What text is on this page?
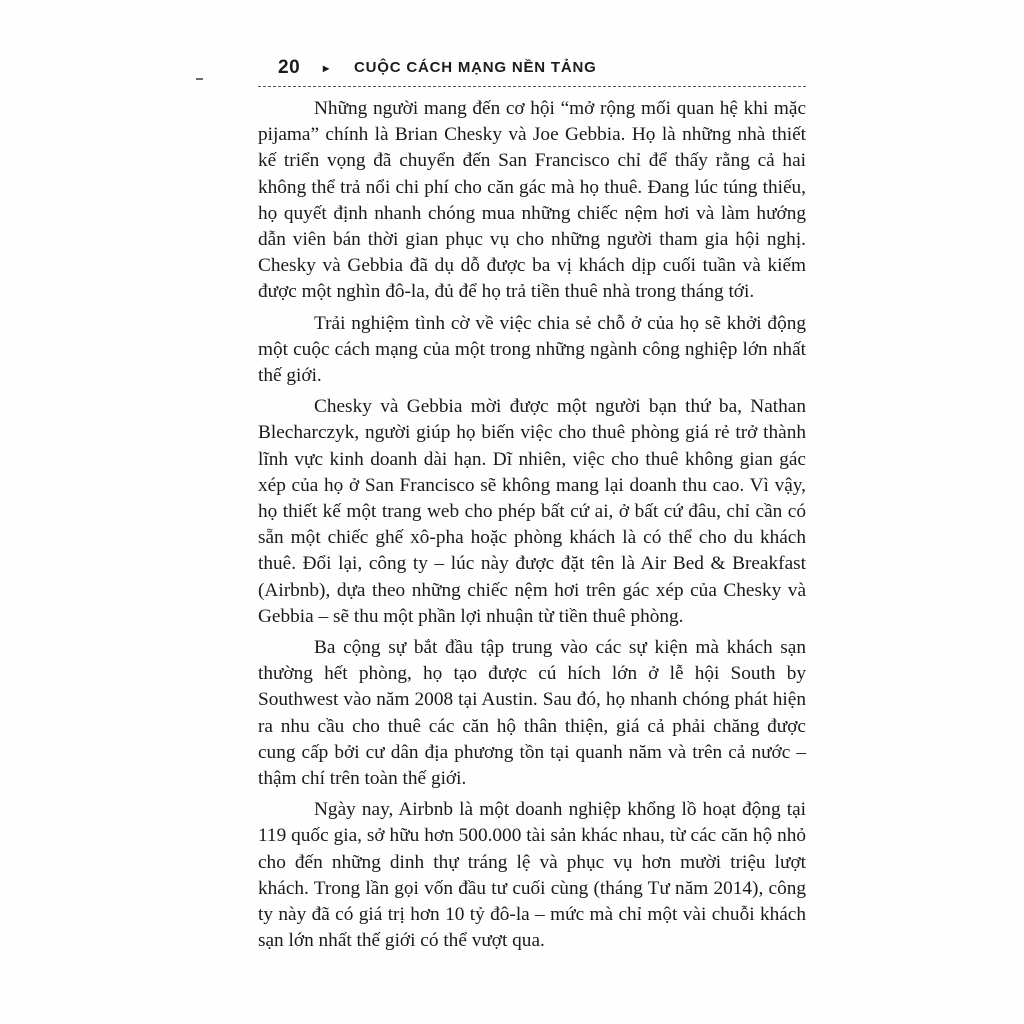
20 ▸ CUỘC CÁCH MẠNG NỀN TẢNG

Những người mang đến cơ hội “mở rộng mối quan hệ khi mặc pijama” chính là Brian Chesky và Joe Gebbia. Họ là những nhà thiết kế triển vọng đã chuyển đến San Francisco chỉ để thấy rằng cả hai không thể trả nổi chi phí cho căn gác mà họ thuê. Đang lúc túng thiếu, họ quyết định nhanh chóng mua những chiếc nệm hơi và làm hướng dẫn viên bán thời gian phục vụ cho những người tham gia hội nghị. Chesky và Gebbia đã dụ dỗ được ba vị khách dịp cuối tuần và kiếm được một nghìn đô-la, đủ để họ trả tiền thuê nhà trong tháng tới.

Trải nghiệm tình cờ về việc chia sẻ chỗ ở của họ sẽ khởi động một cuộc cách mạng của một trong những ngành công nghiệp lớn nhất thế giới.

Chesky và Gebbia mời được một người bạn thứ ba, Nathan Blecharczyk, người giúp họ biến việc cho thuê phòng giá rẻ trở thành lĩnh vực kinh doanh dài hạn. Dĩ nhiên, việc cho thuê không gian gác xép của họ ở San Francisco sẽ không mang lại doanh thu cao. Vì vậy, họ thiết kế một trang web cho phép bất cứ ai, ở bất cứ đâu, chỉ cần có sẵn một chiếc ghế xô-pha hoặc phòng khách là có thể cho du khách thuê. Đổi lại, công ty – lúc này được đặt tên là Air Bed & Breakfast (Airbnb), dựa theo những chiếc nệm hơi trên gác xép của Chesky và Gebbia – sẽ thu một phần lợi nhuận từ tiền thuê phòng.

Ba cộng sự bắt đầu tập trung vào các sự kiện mà khách sạn thường hết phòng, họ tạo được cú hích lớn ở lễ hội South by Southwest vào năm 2008 tại Austin. Sau đó, họ nhanh chóng phát hiện ra nhu cầu cho thuê các căn hộ thân thiện, giá cả phải chăng được cung cấp bởi cư dân địa phương tồn tại quanh năm và trên cả nước – thậm chí trên toàn thế giới.

Ngày nay, Airbnb là một doanh nghiệp khổng lồ hoạt động tại 119 quốc gia, sở hữu hơn 500.000 tài sản khác nhau, từ các căn hộ nhỏ cho đến những dinh thự tráng lệ và phục vụ hơn mười triệu lượt khách. Trong lần gọi vốn đầu tư cuối cùng (tháng Tư năm 2014), công ty này đã có giá trị hơn 10 tỷ đô-la – mức mà chỉ một vài chuỗi khách sạn lớn nhất thế giới có thể vượt qua.
